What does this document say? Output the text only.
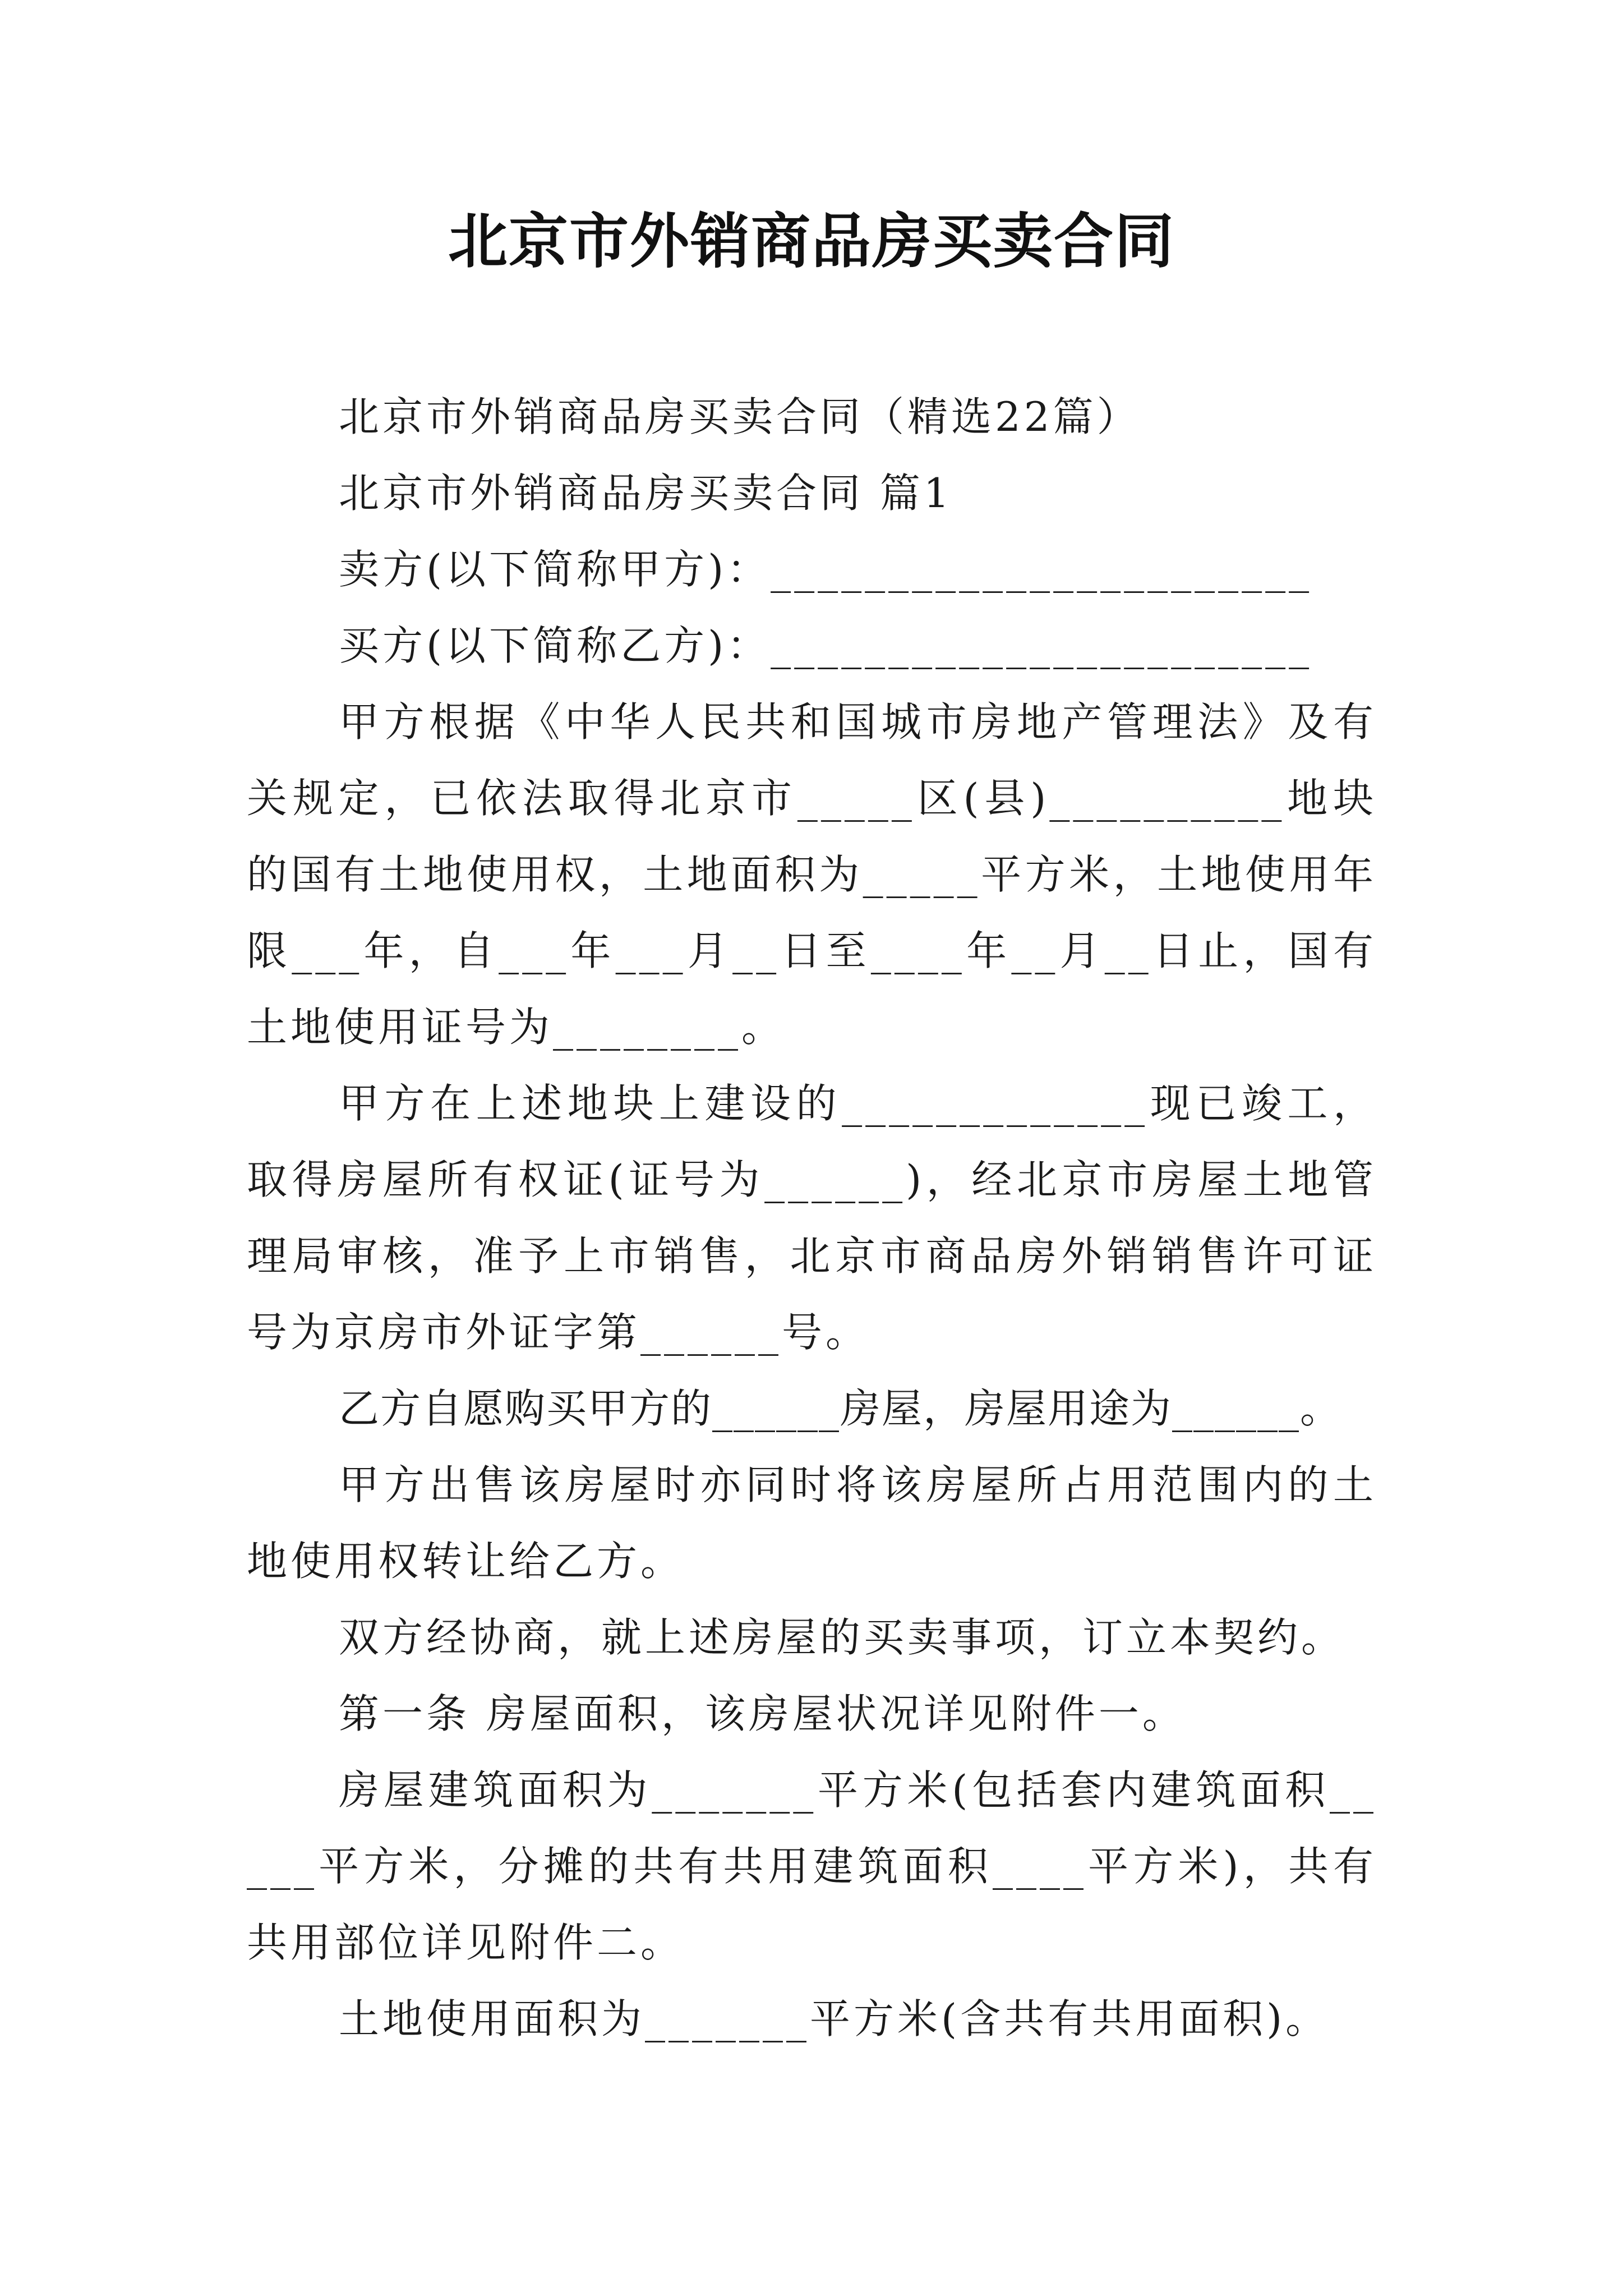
北京市外销商品房买卖合同

北京市外销商品房买卖合同（精选22篇）

北京市外销商品房买卖合同 篇1

卖方(以下简称甲方)：_______________________

买方(以下简称乙方)：_______________________

甲方根据《中华人民共和国城市房地产管理法》及有关规定，已依法取得北京市_____区(县)__________地块的国有土地使用权，土地面积为_____平方米，土地使用年限___年，自___年___月__日至____年__月__日止，国有土地使用证号为________。

甲方在上述地块上建设的_____________现已竣工，取得房屋所有权证(证号为______)，经北京市房屋土地管理局审核，准予上市销售，北京市商品房外销销售许可证号为京房市外证字第______号。

乙方自愿购买甲方的______房屋，房屋用途为______。

甲方出售该房屋时亦同时将该房屋所占用范围内的土地使用权转让给乙方。

双方经协商，就上述房屋的买卖事项，订立本契约。

第一条 房屋面积，该房屋状况详见附件一。

房屋建筑面积为_______平方米(包括套内建筑面积_____平方米，分摊的共有共用建筑面积____平方米)，共有共用部位详见附件二。

土地使用面积为_______平方米(含共有共用面积)。
